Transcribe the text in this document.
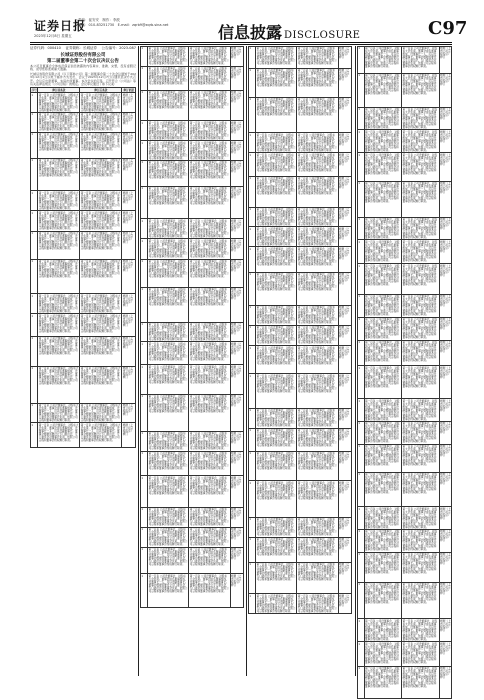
证券日报
2023年12月8日 星期五
责编：崔安安 制作：李波
电话：010-83251730 E-mail：zqrb9@zqrb.sina.net	信息披露 DISCLOSURE	C97
证券代码：000410 证券简称：长城证券 公告编号：2023-087
长城证券股份有限公司
第二届董事会第二十次会议决议公告
本公司及董事会全体成员保证信息披露的内容真实、准确、完整，没有虚假记载、误导性陈述或重大遗漏。
长城证券股份有限公司（以下简称公司）第二届董事会第二十次会议通知于2023年12月1日以电子邮件方式发出，会议于2023年12月7日以通讯表决方式召开。会议应出席董事，实际出席董事。本次会议的召集、召开符合《公司法》等有关法律法规及《公司章程》的规定。会议审议通过了如下议案：
序号	修订前条款	修订后条款	修订依据
1	第一百条 公司设董事会，对股东大会负责。董事会由名董事组成，设董事长一人，可以设副董事长。董事会根据需要设立专门委员会，专门委员会对董事会负责，依照公司章程和董事会授权履行职责。	第一百条 公司设董事会，对股东大会负责。董事会由名董事组成，设董事长一人，可以设副董事长。董事会根据需要设立专门委员会，专门委员会对董事会负责，依照公司章程和董事会授权履行职责。	根据《上市公司章程指引》修订
1	第一百条 公司设董事会，对股东大会负责。董事会由名董事组成，设董事长一人，可以设副董事长。董事会根据需要设立专门委员会，专门委员会对董事会负责，依照公司章程和董事会授权履行职责。	第一百条 公司设董事会，对股东大会负责。董事会由名董事组成，设董事长一人，可以设副董事长。董事会根据需要设立专门委员会，专门委员会对董事会负责，依照公司章程和董事会授权履行职责。	根据《上市公司章程指引》修订
1	第一百条 公司设董事会，对股东大会负责。董事会由名董事组成，设董事长一人，可以设副董事长。董事会根据需要设立专门委员会，专门委员会对董事会负责，依照公司章程和董事会授权履行职责。	第一百条 公司设董事会，对股东大会负责。董事会由名董事组成，设董事长一人，可以设副董事长。董事会根据需要设立专门委员会，专门委员会对董事会负责，依照公司章程和董事会授权履行职责。	根据《上市公司章程指引》修订
1	第一百条 公司设董事会，对股东大会负责。董事会由名董事组成，设董事长一人，可以设副董事长。董事会根据需要设立专门委员会，专门委员会对董事会负责，依照公司章程和董事会授权履行职责。	第一百条 公司设董事会，对股东大会负责。董事会由名董事组成，设董事长一人，可以设副董事长。董事会根据需要设立专门委员会，专门委员会对董事会负责，依照公司章程和董事会授权履行职责。	根据《上市公司章程指引》修订
1	第一百条 公司设董事会，对股东大会负责。董事会由名董事组成，设董事长一人，可以设副董事长。董事会根据需要设立专门委员会，专门委员会对董事会负责，依照公司章程和董事会授权履行职责。	第一百条 公司设董事会，对股东大会负责。董事会由名董事组成，设董事长一人，可以设副董事长。董事会根据需要设立专门委员会，专门委员会对董事会负责，依照公司章程和董事会授权履行职责。	根据《上市公司章程指引》修订
1	第一百条 公司设董事会，对股东大会负责。董事会由名董事组成，设董事长一人，可以设副董事长。董事会根据需要设立专门委员会，专门委员会对董事会负责，依照公司章程和董事会授权履行职责。	第一百条 公司设董事会，对股东大会负责。董事会由名董事组成，设董事长一人，可以设副董事长。董事会根据需要设立专门委员会，专门委员会对董事会负责，依照公司章程和董事会授权履行职责。	根据《上市公司章程指引》修订
1	第一百条 公司设董事会，对股东大会负责。董事会由名董事组成，设董事长一人，可以设副董事长。董事会根据需要设立专门委员会，专门委员会对董事会负责，依照公司章程和董事会授权履行职责。	第一百条 公司设董事会，对股东大会负责。董事会由名董事组成，设董事长一人，可以设副董事长。董事会根据需要设立专门委员会，专门委员会对董事会负责，依照公司章程和董事会授权履行职责。	根据《上市公司章程指引》修订
1	第一百条 公司设董事会，对股东大会负责。董事会由名董事组成，设董事长一人，可以设副董事长。董事会根据需要设立专门委员会，专门委员会对董事会负责，依照公司章程和董事会授权履行职责。	第一百条 公司设董事会，对股东大会负责。董事会由名董事组成，设董事长一人，可以设副董事长。董事会根据需要设立专门委员会，专门委员会对董事会负责，依照公司章程和董事会授权履行职责。	根据《上市公司章程指引》修订
1	第一百条 公司设董事会，对股东大会负责。董事会由名董事组成，设董事长一人，可以设副董事长。董事会根据需要设立专门委员会，专门委员会对董事会负责，依照公司章程和董事会授权履行职责。	第一百条 公司设董事会，对股东大会负责。董事会由名董事组成，设董事长一人，可以设副董事长。董事会根据需要设立专门委员会，专门委员会对董事会负责，依照公司章程和董事会授权履行职责。	根据《上市公司章程指引》修订
1	第一百条 公司设董事会，对股东大会负责。董事会由名董事组成，设董事长一人，可以设副董事长。董事会根据需要设立专门委员会，专门委员会对董事会负责，依照公司章程和董事会授权履行职责。	第一百条 公司设董事会，对股东大会负责。董事会由名董事组成，设董事长一人，可以设副董事长。董事会根据需要设立专门委员会，专门委员会对董事会负责，依照公司章程和董事会授权履行职责。	根据《上市公司章程指引》修订
1	第一百条 公司设董事会，对股东大会负责。董事会由名董事组成，设董事长一人，可以设副董事长。董事会根据需要设立专门委员会，专门委员会对董事会负责，依照公司章程和董事会授权履行职责。	第一百条 公司设董事会，对股东大会负责。董事会由名董事组成，设董事长一人，可以设副董事长。董事会根据需要设立专门委员会，专门委员会对董事会负责，依照公司章程和董事会授权履行职责。	根据《上市公司章程指引》修订
1	第一百条 公司设董事会，对股东大会负责。董事会由名董事组成，设董事长一人，可以设副董事长。董事会根据需要设立专门委员会，专门委员会对董事会负责，依照公司章程和董事会授权履行职责。	第一百条 公司设董事会，对股东大会负责。董事会由名董事组成，设董事长一人，可以设副董事长。董事会根据需要设立专门委员会，专门委员会对董事会负责，依照公司章程和董事会授权履行职责。	根据《上市公司章程指引》修订
1	第一百条 公司设董事会，对股东大会负责。董事会由名董事组成，设董事长一人，可以设副董事长。董事会根据需要设立专门委员会，专门委员会对董事会负责，依照公司章程和董事会授权履行职责。	第一百条 公司设董事会，对股东大会负责。董事会由名董事组成，设董事长一人，可以设副董事长。董事会根据需要设立专门委员会，专门委员会对董事会负责，依照公司章程和董事会授权履行职责。	根据《上市公司章程指引》修订
1	第一百条 公司设董事会，对股东大会负责。董事会由名董事组成，设董事长一人，可以设副董事长。董事会根据需要设立专门委员会，专门委员会对董事会负责，依照公司章程和董事会授权履行职责。	第一百条 公司设董事会，对股东大会负责。董事会由名董事组成，设董事长一人，可以设副董事长。董事会根据需要设立专门委员会，专门委员会对董事会负责，依照公司章程和董事会授权履行职责。	根据《上市公司章程指引》修订
1	第一百条 公司设董事会，对股东大会负责。董事会由名董事组成，设董事长一人，可以设副董事长。董事会根据需要设立专门委员会，专门委员会对董事会负责，依照公司章程和董事会授权履行职责。	第一百条 公司设董事会，对股东大会负责。董事会由名董事组成，设董事长一人，可以设副董事长。董事会根据需要设立专门委员会，专门委员会对董事会负责，依照公司章程和董事会授权履行职责。	根据《上市公司章程指引》修订
1	第一百条 公司设董事会，对股东大会负责。董事会由名董事组成，设董事长一人，可以设副董事长。董事会根据需要设立专门委员会，专门委员会对董事会负责，依照公司章程和董事会授权履行职责。	第一百条 公司设董事会，对股东大会负责。董事会由名董事组成，设董事长一人，可以设副董事长。董事会根据需要设立专门委员会，专门委员会对董事会负责，依照公司章程和董事会授权履行职责。	根据《上市公司章程指引》修订
1	第一百条 公司设董事会，对股东大会负责。董事会由名董事组成，设董事长一人，可以设副董事长。董事会根据需要设立专门委员会，专门委员会对董事会负责，依照公司章程和董事会授权履行职责。	第一百条 公司设董事会，对股东大会负责。董事会由名董事组成，设董事长一人，可以设副董事长。董事会根据需要设立专门委员会，专门委员会对董事会负责，依照公司章程和董事会授权履行职责。	根据《上市公司章程指引》修订
1	第一百条 公司设董事会，对股东大会负责。董事会由名董事组成，设董事长一人，可以设副董事长。董事会根据需要设立专门委员会，专门委员会对董事会负责，依照公司章程和董事会授权履行职责。	第一百条 公司设董事会，对股东大会负责。董事会由名董事组成，设董事长一人，可以设副董事长。董事会根据需要设立专门委员会，专门委员会对董事会负责，依照公司章程和董事会授权履行职责。	根据《上市公司章程指引》修订
1	第一百条 公司设董事会，对股东大会负责。董事会由名董事组成，设董事长一人，可以设副董事长。董事会根据需要设立专门委员会，专门委员会对董事会负责，依照公司章程和董事会授权履行职责。	第一百条 公司设董事会，对股东大会负责。董事会由名董事组成，设董事长一人，可以设副董事长。董事会根据需要设立专门委员会，专门委员会对董事会负责，依照公司章程和董事会授权履行职责。	根据《上市公司章程指引》修订
1	第一百条 公司设董事会，对股东大会负责。董事会由名董事组成，设董事长一人，可以设副董事长。董事会根据需要设立专门委员会，专门委员会对董事会负责，依照公司章程和董事会授权履行职责。	第一百条 公司设董事会，对股东大会负责。董事会由名董事组成，设董事长一人，可以设副董事长。董事会根据需要设立专门委员会，专门委员会对董事会负责，依照公司章程和董事会授权履行职责。	根据《上市公司章程指引》修订
1	第一百条 公司设董事会，对股东大会负责。董事会由名董事组成，设董事长一人，可以设副董事长。董事会根据需要设立专门委员会，专门委员会对董事会负责，依照公司章程和董事会授权履行职责。	第一百条 公司设董事会，对股东大会负责。董事会由名董事组成，设董事长一人，可以设副董事长。董事会根据需要设立专门委员会，专门委员会对董事会负责，依照公司章程和董事会授权履行职责。	根据《上市公司章程指引》修订
1	第一百条 公司设董事会，对股东大会负责。董事会由名董事组成，设董事长一人，可以设副董事长。董事会根据需要设立专门委员会，专门委员会对董事会负责，依照公司章程和董事会授权履行职责。	第一百条 公司设董事会，对股东大会负责。董事会由名董事组成，设董事长一人，可以设副董事长。董事会根据需要设立专门委员会，专门委员会对董事会负责，依照公司章程和董事会授权履行职责。	根据《上市公司章程指引》修订
1	第一百条 公司设董事会，对股东大会负责。董事会由名董事组成，设董事长一人，可以设副董事长。董事会根据需要设立专门委员会，专门委员会对董事会负责，依照公司章程和董事会授权履行职责。	第一百条 公司设董事会，对股东大会负责。董事会由名董事组成，设董事长一人，可以设副董事长。董事会根据需要设立专门委员会，专门委员会对董事会负责，依照公司章程和董事会授权履行职责。	根据《上市公司章程指引》修订
1	第一百条 公司设董事会，对股东大会负责。董事会由名董事组成，设董事长一人，可以设副董事长。董事会根据需要设立专门委员会，专门委员会对董事会负责，依照公司章程和董事会授权履行职责。	第一百条 公司设董事会，对股东大会负责。董事会由名董事组成，设董事长一人，可以设副董事长。董事会根据需要设立专门委员会，专门委员会对董事会负责，依照公司章程和董事会授权履行职责。	根据《上市公司章程指引》修订
1	第一百条 公司设董事会，对股东大会负责。董事会由名董事组成，设董事长一人，可以设副董事长。董事会根据需要设立专门委员会，专门委员会对董事会负责，依照公司章程和董事会授权履行职责。	第一百条 公司设董事会，对股东大会负责。董事会由名董事组成，设董事长一人，可以设副董事长。董事会根据需要设立专门委员会，专门委员会对董事会负责，依照公司章程和董事会授权履行职责。	根据《上市公司章程指引》修订
1	第一百条 公司设董事会，对股东大会负责。董事会由名董事组成，设董事长一人，可以设副董事长。董事会根据需要设立专门委员会，专门委员会对董事会负责，依照公司章程和董事会授权履行职责。	第一百条 公司设董事会，对股东大会负责。董事会由名董事组成，设董事长一人，可以设副董事长。董事会根据需要设立专门委员会，专门委员会对董事会负责，依照公司章程和董事会授权履行职责。	根据《上市公司章程指引》修订
1	第一百条 公司设董事会，对股东大会负责。董事会由名董事组成，设董事长一人，可以设副董事长。董事会根据需要设立专门委员会，专门委员会对董事会负责，依照公司章程和董事会授权履行职责。	第一百条 公司设董事会，对股东大会负责。董事会由名董事组成，设董事长一人，可以设副董事长。董事会根据需要设立专门委员会，专门委员会对董事会负责，依照公司章程和董事会授权履行职责。	根据《上市公司章程指引》修订
1	第一百条 公司设董事会，对股东大会负责。董事会由名董事组成，设董事长一人，可以设副董事长。董事会根据需要设立专门委员会，专门委员会对董事会负责，依照公司章程和董事会授权履行职责。	第一百条 公司设董事会，对股东大会负责。董事会由名董事组成，设董事长一人，可以设副董事长。董事会根据需要设立专门委员会，专门委员会对董事会负责，依照公司章程和董事会授权履行职责。	根据《上市公司章程指引》修订
1	第一百条 公司设董事会，对股东大会负责。董事会由名董事组成，设董事长一人，可以设副董事长。董事会根据需要设立专门委员会，专门委员会对董事会负责，依照公司章程和董事会授权履行职责。	第一百条 公司设董事会，对股东大会负责。董事会由名董事组成，设董事长一人，可以设副董事长。董事会根据需要设立专门委员会，专门委员会对董事会负责，依照公司章程和董事会授权履行职责。	根据《上市公司章程指引》修订
1	第一百条 公司设董事会，对股东大会负责。董事会由名董事组成，设董事长一人，可以设副董事长。董事会根据需要设立专门委员会，专门委员会对董事会负责，依照公司章程和董事会授权履行职责。	第一百条 公司设董事会，对股东大会负责。董事会由名董事组成，设董事长一人，可以设副董事长。董事会根据需要设立专门委员会，专门委员会对董事会负责，依照公司章程和董事会授权履行职责。	根据《上市公司章程指引》修订
1	第一百条 公司设董事会，对股东大会负责。董事会由名董事组成，设董事长一人，可以设副董事长。董事会根据需要设立专门委员会，专门委员会对董事会负责，依照公司章程和董事会授权履行职责。	第一百条 公司设董事会，对股东大会负责。董事会由名董事组成，设董事长一人，可以设副董事长。董事会根据需要设立专门委员会，专门委员会对董事会负责，依照公司章程和董事会授权履行职责。	根据《上市公司章程指引》修订
1	第一百条 公司设董事会，对股东大会负责。董事会由名董事组成，设董事长一人，可以设副董事长。董事会根据需要设立专门委员会，专门委员会对董事会负责，依照公司章程和董事会授权履行职责。	第一百条 公司设董事会，对股东大会负责。董事会由名董事组成，设董事长一人，可以设副董事长。董事会根据需要设立专门委员会，专门委员会对董事会负责，依照公司章程和董事会授权履行职责。	根据《上市公司章程指引》修订
1	第一百条 公司设董事会，对股东大会负责。董事会由名董事组成，设董事长一人，可以设副董事长。董事会根据需要设立专门委员会，专门委员会对董事会负责，依照公司章程和董事会授权履行职责。	第一百条 公司设董事会，对股东大会负责。董事会由名董事组成，设董事长一人，可以设副董事长。董事会根据需要设立专门委员会，专门委员会对董事会负责，依照公司章程和董事会授权履行职责。	根据《上市公司章程指引》修订
1	第一百条 公司设董事会，对股东大会负责。董事会由名董事组成，设董事长一人，可以设副董事长。董事会根据需要设立专门委员会，专门委员会对董事会负责，依照公司章程和董事会授权履行职责。	第一百条 公司设董事会，对股东大会负责。董事会由名董事组成，设董事长一人，可以设副董事长。董事会根据需要设立专门委员会，专门委员会对董事会负责，依照公司章程和董事会授权履行职责。	根据《上市公司章程指引》修订
1	第一百条 公司设董事会，对股东大会负责。董事会由名董事组成，设董事长一人，可以设副董事长。董事会根据需要设立专门委员会，专门委员会对董事会负责，依照公司章程和董事会授权履行职责。	第一百条 公司设董事会，对股东大会负责。董事会由名董事组成，设董事长一人，可以设副董事长。董事会根据需要设立专门委员会，专门委员会对董事会负责，依照公司章程和董事会授权履行职责。	根据《上市公司章程指引》修订
1	第一百条 公司设董事会，对股东大会负责。董事会由名董事组成，设董事长一人，可以设副董事长。董事会根据需要设立专门委员会，专门委员会对董事会负责，依照公司章程和董事会授权履行职责。	第一百条 公司设董事会，对股东大会负责。董事会由名董事组成，设董事长一人，可以设副董事长。董事会根据需要设立专门委员会，专门委员会对董事会负责，依照公司章程和董事会授权履行职责。	根据《上市公司章程指引》修订
1	第一百条 公司设董事会，对股东大会负责。董事会由名董事组成，设董事长一人，可以设副董事长。董事会根据需要设立专门委员会，专门委员会对董事会负责，依照公司章程和董事会授权履行职责。	第一百条 公司设董事会，对股东大会负责。董事会由名董事组成，设董事长一人，可以设副董事长。董事会根据需要设立专门委员会，专门委员会对董事会负责，依照公司章程和董事会授权履行职责。	根据《上市公司章程指引》修订
1	第一百条 公司设董事会，对股东大会负责。董事会由名董事组成，设董事长一人，可以设副董事长。董事会根据需要设立专门委员会，专门委员会对董事会负责，依照公司章程和董事会授权履行职责。	第一百条 公司设董事会，对股东大会负责。董事会由名董事组成，设董事长一人，可以设副董事长。董事会根据需要设立专门委员会，专门委员会对董事会负责，依照公司章程和董事会授权履行职责。	根据《上市公司章程指引》修订
1	第一百条 公司设董事会，对股东大会负责。董事会由名董事组成，设董事长一人，可以设副董事长。董事会根据需要设立专门委员会，专门委员会对董事会负责，依照公司章程和董事会授权履行职责。	第一百条 公司设董事会，对股东大会负责。董事会由名董事组成，设董事长一人，可以设副董事长。董事会根据需要设立专门委员会，专门委员会对董事会负责，依照公司章程和董事会授权履行职责。	根据《上市公司章程指引》修订
1	第一百条 公司设董事会，对股东大会负责。董事会由名董事组成，设董事长一人，可以设副董事长。董事会根据需要设立专门委员会，专门委员会对董事会负责，依照公司章程和董事会授权履行职责。	第一百条 公司设董事会，对股东大会负责。董事会由名董事组成，设董事长一人，可以设副董事长。董事会根据需要设立专门委员会，专门委员会对董事会负责，依照公司章程和董事会授权履行职责。	根据《上市公司章程指引》修订
1	第一百条 公司设董事会，对股东大会负责。董事会由名董事组成，设董事长一人，可以设副董事长。董事会根据需要设立专门委员会，专门委员会对董事会负责，依照公司章程和董事会授权履行职责。	第一百条 公司设董事会，对股东大会负责。董事会由名董事组成，设董事长一人，可以设副董事长。董事会根据需要设立专门委员会，专门委员会对董事会负责，依照公司章程和董事会授权履行职责。	根据《上市公司章程指引》修订
1	第一百条 公司设董事会，对股东大会负责。董事会由名董事组成，设董事长一人，可以设副董事长。董事会根据需要设立专门委员会，专门委员会对董事会负责，依照公司章程和董事会授权履行职责。	第一百条 公司设董事会，对股东大会负责。董事会由名董事组成，设董事长一人，可以设副董事长。董事会根据需要设立专门委员会，专门委员会对董事会负责，依照公司章程和董事会授权履行职责。	根据《上市公司章程指引》修订
1	第一百条 公司设董事会，对股东大会负责。董事会由名董事组成，设董事长一人，可以设副董事长。董事会根据需要设立专门委员会，专门委员会对董事会负责，依照公司章程和董事会授权履行职责。	第一百条 公司设董事会，对股东大会负责。董事会由名董事组成，设董事长一人，可以设副董事长。董事会根据需要设立专门委员会，专门委员会对董事会负责，依照公司章程和董事会授权履行职责。	根据《上市公司章程指引》修订
1	第一百条 公司设董事会，对股东大会负责。董事会由名董事组成，设董事长一人，可以设副董事长。董事会根据需要设立专门委员会，专门委员会对董事会负责，依照公司章程和董事会授权履行职责。	第一百条 公司设董事会，对股东大会负责。董事会由名董事组成，设董事长一人，可以设副董事长。董事会根据需要设立专门委员会，专门委员会对董事会负责，依照公司章程和董事会授权履行职责。	根据《上市公司章程指引》修订
1	第一百条 公司设董事会，对股东大会负责。董事会由名董事组成，设董事长一人，可以设副董事长。董事会根据需要设立专门委员会，专门委员会对董事会负责，依照公司章程和董事会授权履行职责。	第一百条 公司设董事会，对股东大会负责。董事会由名董事组成，设董事长一人，可以设副董事长。董事会根据需要设立专门委员会，专门委员会对董事会负责，依照公司章程和董事会授权履行职责。	根据《上市公司章程指引》修订
1	第一百条 公司设董事会，对股东大会负责。董事会由名董事组成，设董事长一人，可以设副董事长。董事会根据需要设立专门委员会，专门委员会对董事会负责，依照公司章程和董事会授权履行职责。	第一百条 公司设董事会，对股东大会负责。董事会由名董事组成，设董事长一人，可以设副董事长。董事会根据需要设立专门委员会，专门委员会对董事会负责，依照公司章程和董事会授权履行职责。	根据《上市公司章程指引》修订
1	第一百条 公司设董事会，对股东大会负责。董事会由名董事组成，设董事长一人，可以设副董事长。董事会根据需要设立专门委员会，专门委员会对董事会负责，依照公司章程和董事会授权履行职责。	第一百条 公司设董事会，对股东大会负责。董事会由名董事组成，设董事长一人，可以设副董事长。董事会根据需要设立专门委员会，专门委员会对董事会负责，依照公司章程和董事会授权履行职责。	根据《上市公司章程指引》修订
1	第一百条 公司设董事会，对股东大会负责。董事会由名董事组成，设董事长一人，可以设副董事长。董事会根据需要设立专门委员会，专门委员会对董事会负责，依照公司章程和董事会授权履行职责。	第一百条 公司设董事会，对股东大会负责。董事会由名董事组成，设董事长一人，可以设副董事长。董事会根据需要设立专门委员会，专门委员会对董事会负责，依照公司章程和董事会授权履行职责。	根据《上市公司章程指引》修订
1	第一百条 公司设董事会，对股东大会负责。董事会由名董事组成，设董事长一人，可以设副董事长。董事会根据需要设立专门委员会，专门委员会对董事会负责，依照公司章程和董事会授权履行职责。	第一百条 公司设董事会，对股东大会负责。董事会由名董事组成，设董事长一人，可以设副董事长。董事会根据需要设立专门委员会，专门委员会对董事会负责，依照公司章程和董事会授权履行职责。	根据《上市公司章程指引》修订
1	第一百条 公司设董事会，对股东大会负责。董事会由名董事组成，设董事长一人，可以设副董事长。董事会根据需要设立专门委员会，专门委员会对董事会负责，依照公司章程和董事会授权履行职责。	第一百条 公司设董事会，对股东大会负责。董事会由名董事组成，设董事长一人，可以设副董事长。董事会根据需要设立专门委员会，专门委员会对董事会负责，依照公司章程和董事会授权履行职责。	根据《上市公司章程指引》修订
1	第一百条 公司设董事会，对股东大会负责。董事会由名董事组成，设董事长一人，可以设副董事长。董事会根据需要设立专门委员会，专门委员会对董事会负责，依照公司章程和董事会授权履行职责。	第一百条 公司设董事会，对股东大会负责。董事会由名董事组成，设董事长一人，可以设副董事长。董事会根据需要设立专门委员会，专门委员会对董事会负责，依照公司章程和董事会授权履行职责。	根据《上市公司章程指引》修订
1	第一百条 公司设董事会，对股东大会负责。董事会由名董事组成，设董事长一人，可以设副董事长。董事会根据需要设立专门委员会，专门委员会对董事会负责，依照公司章程和董事会授权履行职责。	第一百条 公司设董事会，对股东大会负责。董事会由名董事组成，设董事长一人，可以设副董事长。董事会根据需要设立专门委员会，专门委员会对董事会负责，依照公司章程和董事会授权履行职责。	根据《上市公司章程指引》修订
1	第一百条 公司设董事会，对股东大会负责。董事会由名董事组成，设董事长一人，可以设副董事长。董事会根据需要设立专门委员会，专门委员会对董事会负责，依照公司章程和董事会授权履行职责。	第一百条 公司设董事会，对股东大会负责。董事会由名董事组成，设董事长一人，可以设副董事长。董事会根据需要设立专门委员会，专门委员会对董事会负责，依照公司章程和董事会授权履行职责。	根据《上市公司章程指引》修订
1	第一百条 公司设董事会，对股东大会负责。董事会由名董事组成，设董事长一人，可以设副董事长。董事会根据需要设立专门委员会，专门委员会对董事会负责，依照公司章程和董事会授权履行职责。	第一百条 公司设董事会，对股东大会负责。董事会由名董事组成，设董事长一人，可以设副董事长。董事会根据需要设立专门委员会，专门委员会对董事会负责，依照公司章程和董事会授权履行职责。	根据《上市公司章程指引》修订
1	第一百条 公司设董事会，对股东大会负责。董事会由名董事组成，设董事长一人，可以设副董事长。董事会根据需要设立专门委员会，专门委员会对董事会负责，依照公司章程和董事会授权履行职责。	第一百条 公司设董事会，对股东大会负责。董事会由名董事组成，设董事长一人，可以设副董事长。董事会根据需要设立专门委员会，专门委员会对董事会负责，依照公司章程和董事会授权履行职责。	根据《上市公司章程指引》修订
1	第一百条 公司设董事会，对股东大会负责。董事会由名董事组成，设董事长一人，可以设副董事长。董事会根据需要设立专门委员会，专门委员会对董事会负责，依照公司章程和董事会授权履行职责。	第一百条 公司设董事会，对股东大会负责。董事会由名董事组成，设董事长一人，可以设副董事长。董事会根据需要设立专门委员会，专门委员会对董事会负责，依照公司章程和董事会授权履行职责。	根据《上市公司章程指引》修订
1	第一百条 公司设董事会，对股东大会负责。董事会由名董事组成，设董事长一人，可以设副董事长。董事会根据需要设立专门委员会，专门委员会对董事会负责，依照公司章程和董事会授权履行职责。	第一百条 公司设董事会，对股东大会负责。董事会由名董事组成，设董事长一人，可以设副董事长。董事会根据需要设立专门委员会，专门委员会对董事会负责，依照公司章程和董事会授权履行职责。	根据《上市公司章程指引》修订
1	第一百条 公司设董事会，对股东大会负责。董事会由名董事组成，设董事长一人，可以设副董事长。董事会根据需要设立专门委员会，专门委员会对董事会负责，依照公司章程和董事会授权履行职责。	第一百条 公司设董事会，对股东大会负责。董事会由名董事组成，设董事长一人，可以设副董事长。董事会根据需要设立专门委员会，专门委员会对董事会负责，依照公司章程和董事会授权履行职责。	根据《上市公司章程指引》修订
1	第一百条 公司设董事会，对股东大会负责。董事会由名董事组成，设董事长一人，可以设副董事长。董事会根据需要设立专门委员会，专门委员会对董事会负责，依照公司章程和董事会授权履行职责。	第一百条 公司设董事会，对股东大会负责。董事会由名董事组成，设董事长一人，可以设副董事长。董事会根据需要设立专门委员会，专门委员会对董事会负责，依照公司章程和董事会授权履行职责。	根据《上市公司章程指引》修订
1	第一百条 公司设董事会，对股东大会负责。董事会由名董事组成，设董事长一人，可以设副董事长。董事会根据需要设立专门委员会，专门委员会对董事会负责，依照公司章程和董事会授权履行职责。	第一百条 公司设董事会，对股东大会负责。董事会由名董事组成，设董事长一人，可以设副董事长。董事会根据需要设立专门委员会，专门委员会对董事会负责，依照公司章程和董事会授权履行职责。	根据《上市公司章程指引》修订
1	第一百条 公司设董事会，对股东大会负责。董事会由名董事组成，设董事长一人，可以设副董事长。董事会根据需要设立专门委员会，专门委员会对董事会负责，依照公司章程和董事会授权履行职责。	第一百条 公司设董事会，对股东大会负责。董事会由名董事组成，设董事长一人，可以设副董事长。董事会根据需要设立专门委员会，专门委员会对董事会负责，依照公司章程和董事会授权履行职责。	根据《上市公司章程指引》修订
1	第一百条 公司设董事会，对股东大会负责。董事会由名董事组成，设董事长一人，可以设副董事长。董事会根据需要设立专门委员会，专门委员会对董事会负责，依照公司章程和董事会授权履行职责。	第一百条 公司设董事会，对股东大会负责。董事会由名董事组成，设董事长一人，可以设副董事长。董事会根据需要设立专门委员会，专门委员会对董事会负责，依照公司章程和董事会授权履行职责。	根据《上市公司章程指引》修订
1	第一百条 公司设董事会，对股东大会负责。董事会由名董事组成，设董事长一人，可以设副董事长。董事会根据需要设立专门委员会，专门委员会对董事会负责，依照公司章程和董事会授权履行职责。	第一百条 公司设董事会，对股东大会负责。董事会由名董事组成，设董事长一人，可以设副董事长。董事会根据需要设立专门委员会，专门委员会对董事会负责，依照公司章程和董事会授权履行职责。	根据《上市公司章程指引》修订
1	第一百条 公司设董事会，对股东大会负责。董事会由名董事组成，设董事长一人，可以设副董事长。董事会根据需要设立专门委员会，专门委员会对董事会负责，依照公司章程和董事会授权履行职责。	第一百条 公司设董事会，对股东大会负责。董事会由名董事组成，设董事长一人，可以设副董事长。董事会根据需要设立专门委员会，专门委员会对董事会负责，依照公司章程和董事会授权履行职责。	根据《上市公司章程指引》修订
1	第一百条 公司设董事会，对股东大会负责。董事会由名董事组成，设董事长一人，可以设副董事长。董事会根据需要设立专门委员会，专门委员会对董事会负责，依照公司章程和董事会授权履行职责。	第一百条 公司设董事会，对股东大会负责。董事会由名董事组成，设董事长一人，可以设副董事长。董事会根据需要设立专门委员会，专门委员会对董事会负责，依照公司章程和董事会授权履行职责。	根据《上市公司章程指引》修订
1	第一百条 公司设董事会，对股东大会负责。董事会由名董事组成，设董事长一人，可以设副董事长。董事会根据需要设立专门委员会，专门委员会对董事会负责，依照公司章程和董事会授权履行职责。	第一百条 公司设董事会，对股东大会负责。董事会由名董事组成，设董事长一人，可以设副董事长。董事会根据需要设立专门委员会，专门委员会对董事会负责，依照公司章程和董事会授权履行职责。	根据《上市公司章程指引》修订
1	第一百条 公司设董事会，对股东大会负责。董事会由名董事组成，设董事长一人，可以设副董事长。董事会根据需要设立专门委员会，专门委员会对董事会负责，依照公司章程和董事会授权履行职责。	第一百条 公司设董事会，对股东大会负责。董事会由名董事组成，设董事长一人，可以设副董事长。董事会根据需要设立专门委员会，专门委员会对董事会负责，依照公司章程和董事会授权履行职责。	根据《上市公司章程指引》修订
1	第一百条 公司设董事会，对股东大会负责。董事会由名董事组成，设董事长一人，可以设副董事长。董事会根据需要设立专门委员会，专门委员会对董事会负责，依照公司章程和董事会授权履行职责。	第一百条 公司设董事会，对股东大会负责。董事会由名董事组成，设董事长一人，可以设副董事长。董事会根据需要设立专门委员会，专门委员会对董事会负责，依照公司章程和董事会授权履行职责。	根据《上市公司章程指引》修订
1	第一百条 公司设董事会，对股东大会负责。董事会由名董事组成，设董事长一人，可以设副董事长。董事会根据需要设立专门委员会，专门委员会对董事会负责，依照公司章程和董事会授权履行职责。	第一百条 公司设董事会，对股东大会负责。董事会由名董事组成，设董事长一人，可以设副董事长。董事会根据需要设立专门委员会，专门委员会对董事会负责，依照公司章程和董事会授权履行职责。	根据《上市公司章程指引》修订
1	第一百条 公司设董事会，对股东大会负责。董事会由名董事组成，设董事长一人，可以设副董事长。董事会根据需要设立专门委员会，专门委员会对董事会负责，依照公司章程和董事会授权履行职责。	第一百条 公司设董事会，对股东大会负责。董事会由名董事组成，设董事长一人，可以设副董事长。董事会根据需要设立专门委员会，专门委员会对董事会负责，依照公司章程和董事会授权履行职责。	根据《上市公司章程指引》修订
1	第一百条 公司设董事会，对股东大会负责。董事会由名董事组成，设董事长一人，可以设副董事长。董事会根据需要设立专门委员会，专门委员会对董事会负责，依照公司章程和董事会授权履行职责。	第一百条 公司设董事会，对股东大会负责。董事会由名董事组成，设董事长一人，可以设副董事长。董事会根据需要设立专门委员会，专门委员会对董事会负责，依照公司章程和董事会授权履行职责。	根据《上市公司章程指引》修订
1	第一百条 公司设董事会，对股东大会负责。董事会由名董事组成，设董事长一人，可以设副董事长。董事会根据需要设立专门委员会，专门委员会对董事会负责，依照公司章程和董事会授权履行职责。	第一百条 公司设董事会，对股东大会负责。董事会由名董事组成，设董事长一人，可以设副董事长。董事会根据需要设立专门委员会，专门委员会对董事会负责，依照公司章程和董事会授权履行职责。	根据《上市公司章程指引》修订
1	第一百条 公司设董事会，对股东大会负责。董事会由名董事组成，设董事长一人，可以设副董事长。董事会根据需要设立专门委员会，专门委员会对董事会负责，依照公司章程和董事会授权履行职责。	第一百条 公司设董事会，对股东大会负责。董事会由名董事组成，设董事长一人，可以设副董事长。董事会根据需要设立专门委员会，专门委员会对董事会负责，依照公司章程和董事会授权履行职责。	根据《上市公司章程指引》修订
1	第一百条 公司设董事会，对股东大会负责。董事会由名董事组成，设董事长一人，可以设副董事长。董事会根据需要设立专门委员会，专门委员会对董事会负责，依照公司章程和董事会授权履行职责。	第一百条 公司设董事会，对股东大会负责。董事会由名董事组成，设董事长一人，可以设副董事长。董事会根据需要设立专门委员会，专门委员会对董事会负责，依照公司章程和董事会授权履行职责。	根据《上市公司章程指引》修订
1	第一百条 公司设董事会，对股东大会负责。董事会由名董事组成，设董事长一人，可以设副董事长。董事会根据需要设立专门委员会，专门委员会对董事会负责，依照公司章程和董事会授权履行职责。	第一百条 公司设董事会，对股东大会负责。董事会由名董事组成，设董事长一人，可以设副董事长。董事会根据需要设立专门委员会，专门委员会对董事会负责，依照公司章程和董事会授权履行职责。	根据《上市公司章程指引》修订
1	第一百条 公司设董事会，对股东大会负责。董事会由名董事组成，设董事长一人，可以设副董事长。董事会根据需要设立专门委员会，专门委员会对董事会负责，依照公司章程和董事会授权履行职责。	第一百条 公司设董事会，对股东大会负责。董事会由名董事组成，设董事长一人，可以设副董事长。董事会根据需要设立专门委员会，专门委员会对董事会负责，依照公司章程和董事会授权履行职责。	根据《上市公司章程指引》修订
1	第一百条 公司设董事会，对股东大会负责。董事会由名董事组成，设董事长一人，可以设副董事长。董事会根据需要设立专门委员会，专门委员会对董事会负责，依照公司章程和董事会授权履行职责。	第一百条 公司设董事会，对股东大会负责。董事会由名董事组成，设董事长一人，可以设副董事长。董事会根据需要设立专门委员会，专门委员会对董事会负责，依照公司章程和董事会授权履行职责。	根据《上市公司章程指引》修订
1	第一百条 公司设董事会，对股东大会负责。董事会由名董事组成，设董事长一人，可以设副董事长。董事会根据需要设立专门委员会，专门委员会对董事会负责，依照公司章程和董事会授权履行职责。	第一百条 公司设董事会，对股东大会负责。董事会由名董事组成，设董事长一人，可以设副董事长。董事会根据需要设立专门委员会，专门委员会对董事会负责，依照公司章程和董事会授权履行职责。	根据《上市公司章程指引》修订
1	第一百条 公司设董事会，对股东大会负责。董事会由名董事组成，设董事长一人，可以设副董事长。董事会根据需要设立专门委员会，专门委员会对董事会负责，依照公司章程和董事会授权履行职责。	第一百条 公司设董事会，对股东大会负责。董事会由名董事组成，设董事长一人，可以设副董事长。董事会根据需要设立专门委员会，专门委员会对董事会负责，依照公司章程和董事会授权履行职责。	根据《上市公司章程指引》修订
1	第一百条 公司设董事会，对股东大会负责。董事会由名董事组成，设董事长一人，可以设副董事长。董事会根据需要设立专门委员会，专门委员会对董事会负责，依照公司章程和董事会授权履行职责。	第一百条 公司设董事会，对股东大会负责。董事会由名董事组成，设董事长一人，可以设副董事长。董事会根据需要设立专门委员会，专门委员会对董事会负责，依照公司章程和董事会授权履行职责。	根据《上市公司章程指引》修订
1	第一百条 公司设董事会，对股东大会负责。董事会由名董事组成，设董事长一人，可以设副董事长。董事会根据需要设立专门委员会，专门委员会对董事会负责，依照公司章程和董事会授权履行职责。	第一百条 公司设董事会，对股东大会负责。董事会由名董事组成，设董事长一人，可以设副董事长。董事会根据需要设立专门委员会，专门委员会对董事会负责，依照公司章程和董事会授权履行职责。	根据《上市公司章程指引》修订
1	第一百条 公司设董事会，对股东大会负责。董事会由名董事组成，设董事长一人，可以设副董事长。董事会根据需要设立专门委员会，专门委员会对董事会负责，依照公司章程和董事会授权履行职责。	第一百条 公司设董事会，对股东大会负责。董事会由名董事组成，设董事长一人，可以设副董事长。董事会根据需要设立专门委员会，专门委员会对董事会负责，依照公司章程和董事会授权履行职责。	根据《上市公司章程指引》修订
